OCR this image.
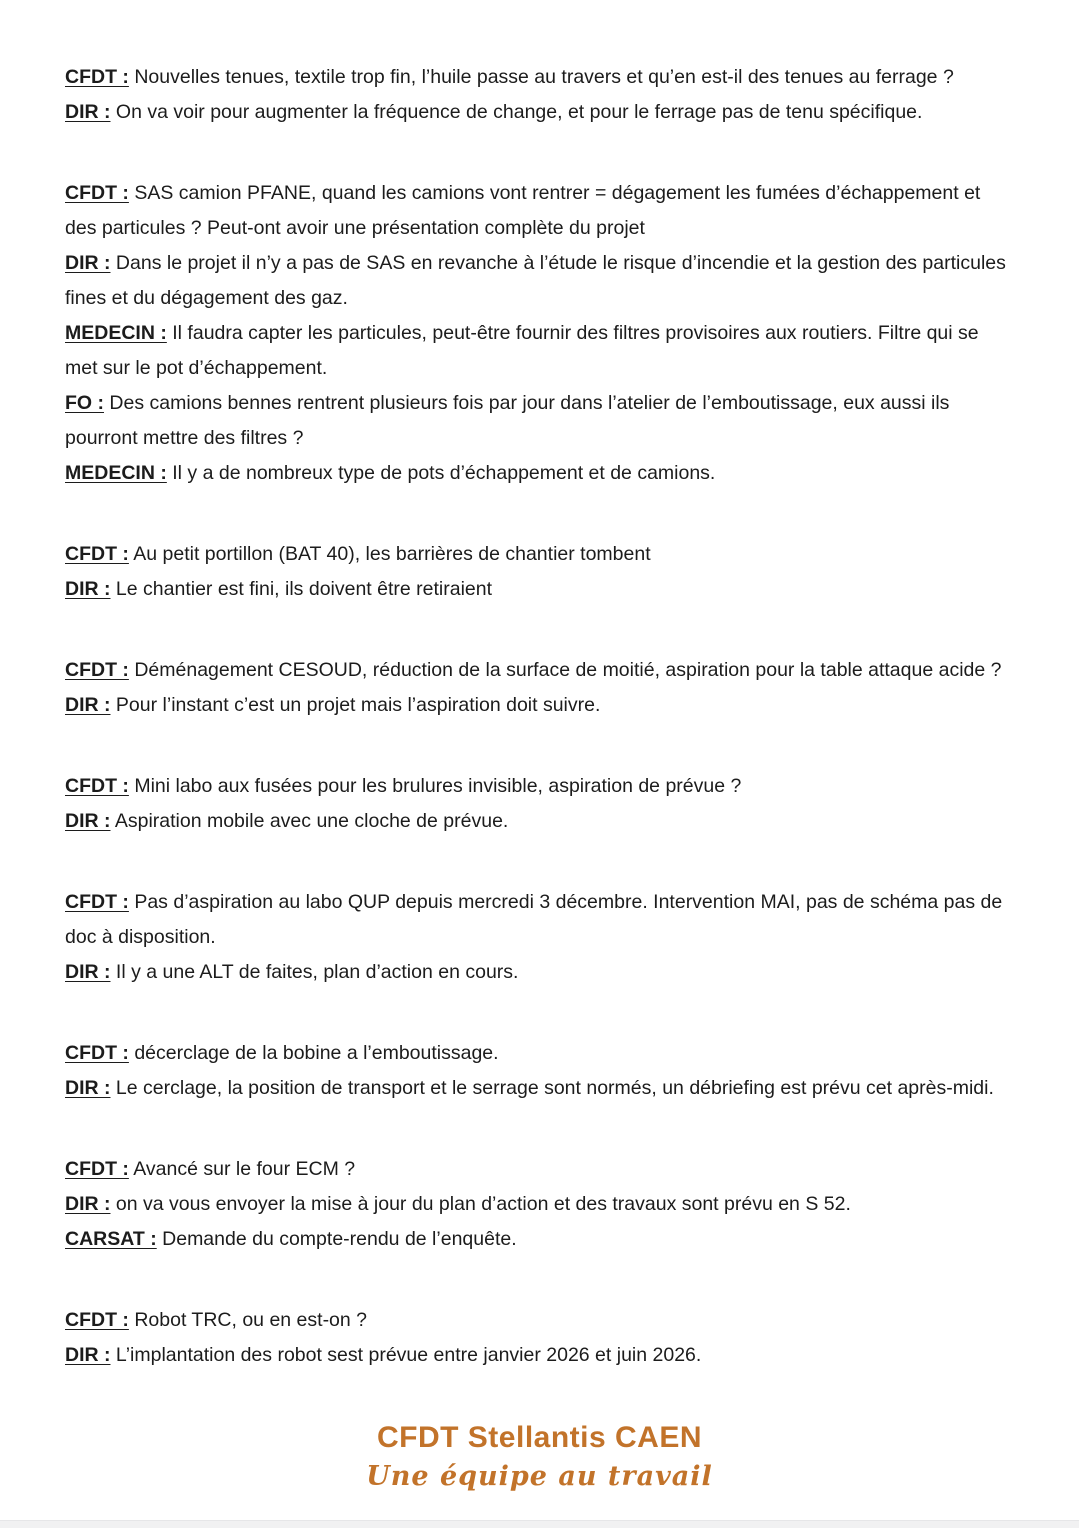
CFDT : Nouvelles tenues, textile trop fin, l’huile passe au travers et qu’en est-il des tenues au ferrage ?

DIR : On va voir pour augmenter la fréquence de change, et pour le ferrage pas de tenu spécifique.

CFDT : SAS camion PFANE, quand les camions vont rentrer = dégagement les fumées d’échappement et des particules ? Peut-ont avoir une présentation complète du projet

DIR : Dans le projet il n’y a pas de SAS en revanche à l’étude le risque d’incendie et la gestion des particules fines et du dégagement des gaz.

MEDECIN : Il faudra capter les particules, peut-être fournir des filtres provisoires aux routiers. Filtre qui se met sur le pot d’échappement.

FO : Des camions bennes rentrent plusieurs fois par jour dans l’atelier de l’emboutissage, eux aussi ils pourront mettre des filtres ?

MEDECIN : Il y a de nombreux type de pots d’échappement et de camions.

CFDT : Au petit portillon (BAT 40), les barrières de chantier tombent

DIR : Le chantier est fini, ils doivent être retiraient

CFDT : Déménagement CESOUD, réduction de la surface de moitié, aspiration pour la table attaque acide ?

DIR : Pour l’instant c’est un projet mais l’aspiration doit suivre.

CFDT : Mini labo aux fusées pour les brulures invisible, aspiration de prévue ?

DIR : Aspiration mobile avec une cloche de prévue.

CFDT : Pas d’aspiration au labo QUP depuis mercredi 3 décembre. Intervention MAI, pas de schéma pas de doc à disposition.

DIR : Il y a une ALT de faites, plan d’action en cours.

CFDT : décerclage de la bobine a l’emboutissage.

DIR : Le cerclage, la position de transport et le serrage sont normés, un débriefing est prévu cet après-midi.

CFDT : Avancé sur le four ECM ?

DIR : on va vous envoyer la mise à jour du plan d’action et des travaux sont prévu en S 52.

CARSAT : Demande du compte-rendu de l’enquête.

CFDT : Robot TRC, ou en est-on ?

DIR : L’implantation des robot sest prévue entre janvier 2026 et juin 2026.

CFDT Stellantis CAEN
Une équipe au travail
